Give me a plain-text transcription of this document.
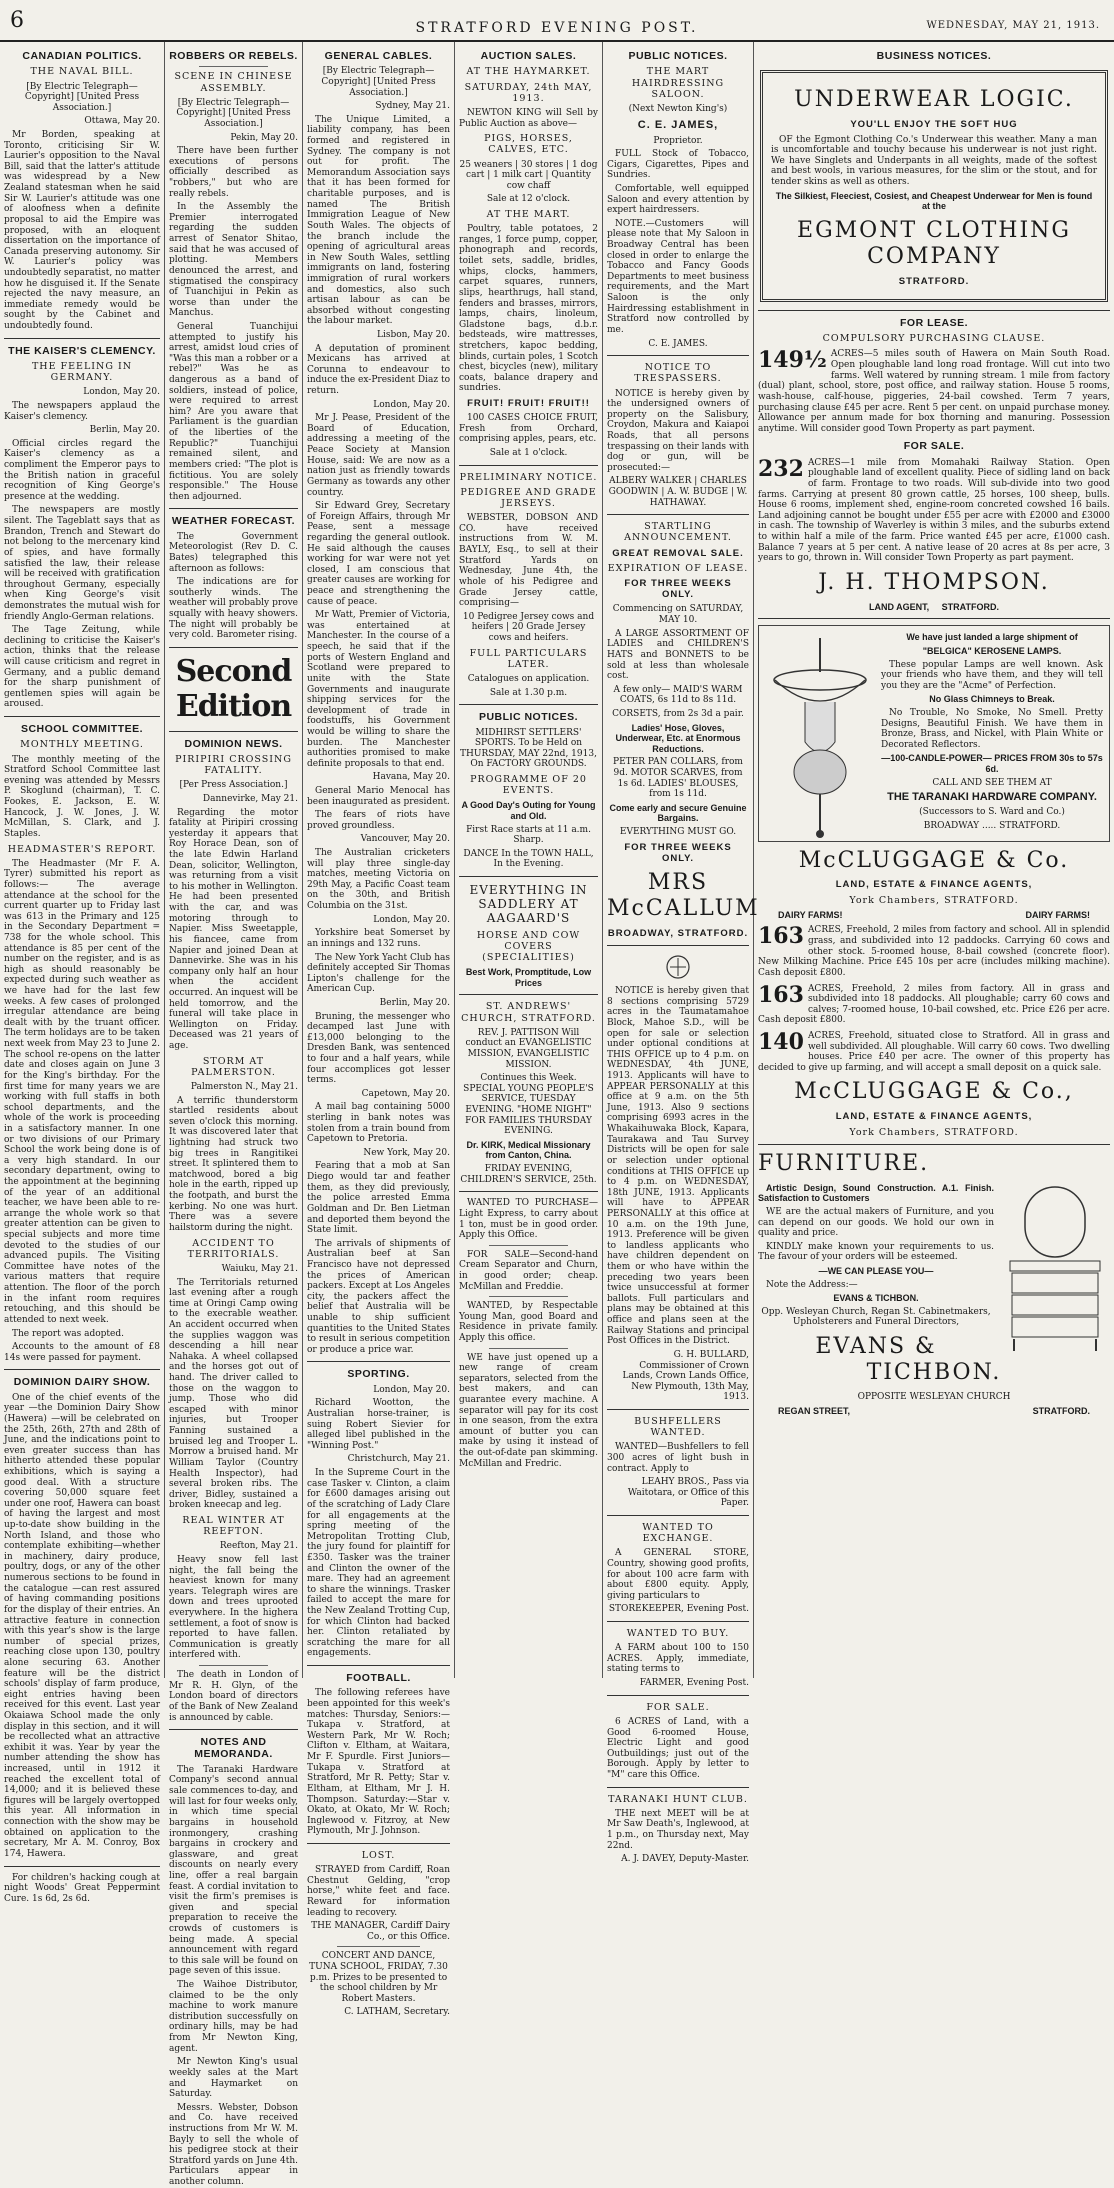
6	STRATFORD EVENING POST.	WEDNESDAY, MAY 21, 1913.
CANADIAN POLITICS.
THE NAVAL BILL.

[By Electric Telegraph—Copyright] [United Press Association.]

Ottawa, May 20.

Mr Borden, speaking at Toronto, criticising Sir W. Laurier's opposition to the Naval Bill, said that the latter's attitude was widespread by a New Zealand statesman when he said Sir W. Laurier's attitude was one of aloofness when a definite proposal to aid the Empire was proposed, with an eloquent dissertation on the importance of Canada preserving autonomy. Sir W. Laurier's policy was undoubtedly separatist, no matter how he disguised it. If the Senate rejected the navy measure, an immediate remedy would be sought by the Cabinet and undoubtedly found.

THE KAISER'S CLEMENCY.
THE FEELING IN GERMANY.

London, May 20.

The newspapers applaud the Kaiser's clemency.

Berlin, May 20.

Official circles regard the Kaiser's clemency as a compliment the Emperor pays to the British nation in graceful recognition of King George's presence at the wedding.

The newspapers are mostly silent. The Tageblatt says that as Brandon, Trench and Stewart do not belong to the mercenary kind of spies, and have formally satisfied the law, their release will be received with gratification throughout Germany, especially when King George's visit demonstrates the mutual wish for friendly Anglo-German relations.

The Tage Zeitung, while declining to criticise the Kaiser's action, thinks that the release will cause criticism and regret in Germany, and a public demand for the sharp punishment of gentlemen spies will again be aroused.

SCHOOL COMMITTEE.
MONTHLY MEETING.

The monthly meeting of the Stratford School Committee last evening was attended by Messrs P. Skoglund (chairman), T. C. Fookes, E. Jackson, E. W. Hancock, J. W. Jones, J. W. McMillan, S. Clark, and J. Staples.

HEADMASTER'S REPORT.

The Headmaster (Mr F. A. Tyrer) submitted his report as follows:— The average attendance at the school for the current quarter up to Friday last was 613 in the Primary and 125 in the Secondary Department = 738 for the whole school. This attendance is 85 per cent of the number on the register, and is as high as should reasonably be expected during such weather as we have had for the last few weeks. A few cases of prolonged irregular attendance are being dealt with by the truant officer. The term holidays are to be taken next week from May 23 to June 2. The school re-opens on the latter date and closes again on June 3 for the King's birthday. For the first time for many years we are working with full staffs in both school departments, and the whole of the work is proceeding in a satisfactory manner. In one or two divisions of our Primary School the work being done is of a very high standard. In our secondary department, owing to the appointment at the beginning of the year of an additional teacher, we have been able to re-arrange the whole work so that greater attention can be given to special subjects and more time devoted to the studies of our advanced pupils. The Visiting Committee have notes of the various matters that require attention. The floor of the porch in the infant room requires retouching, and this should be attended to next week.

The report was adopted.

Accounts to the amount of £8 14s were passed for payment.

DOMINION DAIRY SHOW.

One of the chief events of the year —the Dominion Dairy Show (Hawera) —will be celebrated on the 25th, 26th, 27th and 28th of June, and the indications point to even greater success than has hitherto attended these popular exhibitions, which is saying a good deal. With a structure covering 50,000 square feet under one roof, Hawera can boast of having the largest and most up-to-date show building in the North Island, and those who contemplate exhibiting—whether in machinery, dairy produce, poultry, dogs, or any of the other numerous sections to be found in the catalogue —can rest assured of having commanding positions for the display of their entries. An attractive feature in connection with this year's show is the large number of special prizes, reaching close upon 130, poultry alone securing 63. Another feature will be the district schools' display of farm produce, eight entries having been received for this event. Last year Okaiawa School made the only display in this section, and it will be recollected what an attractive exhibit it was. Year by year the number attending the show has increased, until in 1912 it reached the excellent total of 14,000; and it is believed these figures will be largely overtopped this year. All information in connection with the show may be obtained on application to the secretary, Mr A. M. Conroy, Box 174, Hawera.

For children's hacking cough at night Woods' Great Peppermint Cure. 1s 6d, 2s 6d.

ROBBERS OR REBELS.
SCENE IN CHINESE ASSEMBLY.

[By Electric Telegraph—Copyright] [United Press Association.]

Pekin, May 20.

There have been further executions of persons officially described as "robbers," but who are really rebels.

In the Assembly the Premier interrogated regarding the sudden arrest of Senator Shitao, said that he was accused of plotting. Members denounced the arrest, and stigmatised the conspiracy of Tuanchijui in Pekin as worse than under the Manchus.

General Tuanchijui attempted to justify his arrest, amidst loud cries of "Was this man a robber or a rebel?" Was he as dangerous as a band of soldiers, instead of police, were required to arrest him? Are you aware that Parliament is the guardian of the liberties of the Republic?" Tuanchijui remained silent, and members cried: "The plot is fictitious. You are solely responsible." The House then adjourned.

WEATHER FORECAST.

The Government Meteorologist (Rev D. C. Bates) telegraphed this afternoon as follows:

The indications are for southerly winds. The weather will probably prove squally with heavy showers. The night will probably be very cold. Barometer rising.

Second Edition
DOMINION NEWS.
PIRIPIRI CROSSING FATALITY.

[Per Press Association.]

Dannevirke, May 21.

Regarding the motor fatality at Piripiri crossing yesterday it appears that Roy Horace Dean, son of the late Edwin Harland Dean, solicitor, Wellington, was returning from a visit to his mother in Wellington. He had been presented with the car, and was motoring through to Napier. Miss Sweetapple, his fiancee, came from Napier and joined Dean at Dannevirke. She was in his company only half an hour when the accident occurred. An inquest will be held tomorrow, and the funeral will take place in Wellington on Friday. Deceased was 21 years of age.

STORM AT PALMERSTON.

Palmerston N., May 21.

A terrific thunderstorm startled residents about seven o'clock this morning. It was discovered later that lightning had struck two big trees in Rangitikei street. It splintered them to matchwood, bored a big hole in the earth, ripped up the footpath, and burst the kerbing. No one was hurt. There was a severe hailstorm during the night.

ACCIDENT TO TERRITORIALS.

Waiuku, May 21.

The Territorials returned last evening after a rough time at Oringi Camp owing to the execrable weather. An accident occurred when the supplies waggon was descending a hill near Nahaka. A wheel collapsed and the horses got out of hand. The driver called to those on the waggon to jump. Those who did escaped with minor injuries, but Trooper Fanning sustained a bruised leg and Trooper L. Morrow a bruised hand. Mr William Taylor (Country Health Inspector), had several broken ribs. The driver, Bidley, sustained a broken kneecap and leg.

REAL WINTER AT REEFTON.

Reefton, May 21.

Heavy snow fell last night, the fall being the heaviest known for many years. Telegraph wires are down and trees uprooted everywhere. In the highera settlement, a foot of snow is reported to have fallen. Communication is greatly interfered with.

The death in London of Mr R. H. Glyn, of the London board of directors of the Bank of New Zealand is announced by cable.

NOTES AND MEMORANDA.

The Taranaki Hardware Company's second annual sale commences to-day, and will last for four weeks only, in which time special bargains in household ironmongery, crashing bargains in crockery and glassware, and great discounts on nearly every line, offer a real bargain feast. A cordial invitation to visit the firm's premises is given and special preparation to receive the crowds of customers is being made. A special announcement with regard to this sale will be found on page seven of this issue.

The Waihoe Distributor, claimed to be the only machine to work manure distribution successfully on ordinary hills, may be had from Mr Newton King, agent.

Mr Newton King's usual weekly sales at the Mart and Haymarket on Saturday.

Messrs. Webster, Dobson and Co. have received instructions from Mr W. M. Bayly to sell the whole of his pedigree stock at their Stratford yards on June 4th. Particulars appear in another column.

GENERAL CABLES.

[By Electric Telegraph—Copyright] [United Press Association.]

Sydney, May 21.

The Unique Limited, a liability company, has been formed and registered in Sydney. The company is not out for profit. The Memorandum Association says that it has been formed for charitable purposes, and is named The British Immigration League of New South Wales. The objects of the branch include the opening of agricultural areas in New South Wales, settling immigrants on land, fostering immigration of rural workers and domestics, also such artisan labour as can be absorbed without congesting the labour market.

Lisbon, May 20.

A deputation of prominent Mexicans has arrived at Corunna to endeavour to induce the ex-President Diaz to return.

London, May 20.

Mr J. Pease, President of the Board of Education, addressing a meeting of the Peace Society at Mansion House, said: We are now as a nation just as friendly towards Germany as towards any other country.

Sir Edward Grey, Secretary of Foreign Affairs, through Mr Pease, sent a message regarding the general outlook. He said although the causes working for war were not yet closed, I am conscious that greater causes are working for peace and strengthening the cause of peace.

Mr Watt, Premier of Victoria, was entertained at Manchester. In the course of a speech, he said that if the ports of Western England and Scotland were prepared to unite with the State Governments and inaugurate shipping services for the development of trade in foodstuffs, his Government would be willing to share the burden. The Manchester authorities promised to make definite proposals to that end.

Havana, May 20.

General Mario Menocal has been inaugurated as president.

The fears of riots have proved groundless.

Vancouver, May 20.

The Australian cricketers will play three single-day matches, meeting Victoria on 29th May, a Pacific Coast team on the 30th, and British Columbia on the 31st.

London, May 20.

Yorkshire beat Somerset by an innings and 132 runs.

The New York Yacht Club has definitely accepted Sir Thomas Lipton's challenge for the American Cup.

Berlin, May 20.

Bruning, the messenger who decamped last June with £13,000 belonging to the Dresden Bank, was sentenced to four and a half years, while four accomplices got lesser terms.

Capetown, May 20.

A mail bag containing 5000 sterling in bank notes was stolen from a train bound from Capetown to Pretoria.

New York, May 20.

Fearing that a mob at San Diego would tar and feather them, as they did previously, the police arrested Emma Goldman and Dr. Ben Lietman and deported them beyond the State limit.

The arrivals of shipments of Australian beef at San Francisco have not depressed the prices of American packers. Except at Los Angeles city, the packers affect the belief that Australia will be unable to ship sufficient quantities to the United States to result in serious competition or produce a price war.

SPORTING.

London, May 20.

Richard Wootton, the Australian horse-trainer, is suing Robert Sievier for alleged libel published in the "Winning Post."

Christchurch, May 21.

In the Supreme Court in the case Tasker v. Clinton, a claim for £600 damages arising out of the scratching of Lady Clare for all engagements at the spring meeting of the Metropolitan Trotting Club, the jury found for plaintiff for £350. Tasker was the trainer and Clinton the owner of the mare. They had an agreement to share the winnings. Trasker failed to accept the mare for the New Zealand Trotting Cup, for which Clinton had backed her. Clinton retaliated by scratching the mare for all engagements.

FOOTBALL.

The following referees have been appointed for this week's matches: Thursday, Seniors:—Tukapa v. Stratford, at Western Park, Mr W. Roch; Clifton v. Eltham, at Waitara, Mr F. Spurdle. First Juniors—Tukapa v. Stratford at Stratford, Mr R. Petty; Star v. Eltham, at Eltham, Mr J. H. Thompson. Saturday:—Star v. Okato, at Okato, Mr W. Roch; Inglewood v. Fitzroy, at New Plymouth, Mr J. Johnson.

LOST.

STRAYED from Cardiff, Roan Chestnut Gelding, "crop horse," white feet and face. Reward for information leading to recovery.

THE MANAGER, Cardiff Dairy Co., or this Office.

CONCERT AND DANCE, TUNA SCHOOL, FRIDAY, 7.30 p.m. Prizes to be presented to the school children by Mr Robert Masters.

C. LATHAM, Secretary.

AUCTION SALES.
AT THE HAYMARKET.
SATURDAY, 24th MAY, 1913.

NEWTON KING will Sell by Public Auction as above—

PIGS, HORSES, CALVES, ETC.

25 weaners | 30 stores | 1 dog cart | 1 milk cart | Quantity cow chaff

Sale at 12 o'clock.

AT THE MART.

Poultry, table potatoes, 2 ranges, 1 force pump, copper, phonograph and records, toilet sets, saddle, bridles, whips, clocks, hammers, carpet squares, runners, slips, hearthrugs, hall stand, fenders and brasses, mirrors, lamps, chairs, linoleum, Gladstone bags, d.b.r. bedsteads, wire mattresses, stretchers, kapoc bedding, blinds, curtain poles, 1 Scotch chest, bicycles (new), military coats, balance drapery and sundries.

FRUIT! FRUIT! FRUIT!!

100 CASES CHOICE FRUIT, Fresh from Orchard, comprising apples, pears, etc.

Sale at 1 o'clock.

PRELIMINARY NOTICE.
PEDIGREE AND GRADE JERSEYS.

WEBSTER, DOBSON AND CO. have received instructions from W. M. BAYLY, Esq., to sell at their Stratford Yards on Wednesday, June 4th, the whole of his Pedigree and Grade Jersey cattle, comprising—

10 Pedigree Jersey cows and heifers | 20 Grade Jersey cows and heifers.

FULL PARTICULARS LATER.

Catalogues on application.

Sale at 1.30 p.m.

PUBLIC NOTICES.

MIDHIRST SETTLERS' SPORTS. To be Held on THURSDAY, MAY 22nd, 1913, On FACTORY GROUNDS.

PROGRAMME OF 20 EVENTS.

A Good Day's Outing for Young and Old.

First Race starts at 11 a.m. Sharp.

DANCE In the TOWN HALL, In the Evening.

EVERYTHING IN SADDLERY AT AAGAARD'S
HORSE AND COW COVERS (SPECIALITIES)

Best Work, Promptitude, Low Prices

ST. ANDREWS' CHURCH, STRATFORD.

REV. J. PATTISON Will conduct an EVANGELISTIC MISSION, EVANGELISTIC MISSION.

Continues this Week. SPECIAL YOUNG PEOPLE'S SERVICE, TUESDAY EVENING. "HOME NIGHT" FOR FAMILIES THURSDAY EVENING.

Dr. KIRK, Medical Missionary from Canton, China.

FRIDAY EVENING, CHILDREN'S SERVICE, 25th.

WANTED TO PURCHASE—Light Express, to carry about 1 ton, must be in good order. Apply this Office.

FOR SALE—Second-hand Cream Separator and Churn, in good order; cheap. McMillan and Freddie.

WANTED, by Respectable Young Man, good Board and Residence in private family. Apply this office.

WE have just opened up a new range of cream separators, selected from the best makers, and can guarantee every machine. A separator will pay for its cost in one season, from the extra amount of butter you can make by using it instead of the out-of-date pan skimming. McMillan and Fredric.

PUBLIC NOTICES.
THE MART HAIRDRESSING SALOON.

(Next Newton King's)

C. E. JAMES,

Proprietor.

FULL Stock of Tobacco, Cigars, Cigarettes, Pipes and Sundries.

Comfortable, well equipped Saloon and every attention by expert hairdressers.

NOTE.—Customers will please note that My Saloon in Broadway Central has been closed in order to enlarge the Tobacco and Fancy Goods Departments to meet business requirements, and the Mart Saloon is the only Hairdressing establishment in Stratford now controlled by me.

C. E. JAMES.

NOTICE TO TRESPASSERS.

NOTICE is hereby given by the undersigned owners of property on the Salisbury, Croydon, Makura and Kaiapoi Roads, that all persons trespassing on their lands with dog or gun, will be prosecuted:—

ALBERY WALKER | CHARLES GOODWIN | A. W. BUDGE | W. HATHAWAY.

STARTLING ANNOUNCEMENT.
GREAT REMOVAL SALE.
EXPIRATION OF LEASE.
FOR THREE WEEKS ONLY.

Commencing on SATURDAY, MAY 10.

A LARGE ASSORTMENT OF LADIES and CHILDREN'S HATS and BONNETS to be sold at less than wholesale cost.

A few only— MAID'S WARM COATS, 6s 11d to 8s 11d.

CORSETS, from 2s 3d a pair.

Ladies' Hose, Gloves, Underwear, Etc. at Enormous Reductions.

PETER PAN COLLARS, from 9d. MOTOR SCARVES, from 1s 6d. LADIES' BLOUSES, from 1s 11d.

Come early and secure Genuine Bargains.

EVERYTHING MUST GO.

FOR THREE WEEKS ONLY.
MRS McCALLUM
BROADWAY, STRATFORD.

NOTICE is hereby given that 8 sections comprising 5729 acres in the Taumatamahoe Block, Mahoe S.D., will be open for sale or selection under optional conditions at THIS OFFICE up to 4 p.m. on WEDNESDAY, 4th JUNE, 1913. Applicants will have to APPEAR PERSONALLY at this office at 9 a.m. on the 5th June, 1913. Also 9 sections comprising 6993 acres in the Whakaihuwaka Block, Kapara, Taurakawa and Tau Survey Districts will be open for sale or selection under optional conditions at THIS OFFICE up to 4 p.m. on WEDNESDAY, 18th JUNE, 1913. Applicants will have to APPEAR PERSONALLY at this office at 10 a.m. on the 19th June, 1913. Preference will be given to landless applicants who have children dependent on them or who have within the preceding two years been twice unsuccessful at former ballots. Full particulars and plans may be obtained at this office and plans seen at the Railway Stations and principal Post Offices in the District.

G. H. BULLARD, Commissioner of Crown Lands, Crown Lands Office, New Plymouth, 13th May, 1913.

BUSHFELLERS WANTED.

WANTED—Bushfellers to fell 300 acres of light bush in contract. Apply to

LEAHY BROS., Pass via Waitotara, or Office of this Paper.

WANTED TO EXCHANGE.

A GENERAL STORE, Country, showing good profits, for about 100 acre farm with about £800 equity. Apply, giving particulars to

STOREKEEPER, Evening Post.

WANTED TO BUY.

A FARM about 100 to 150 ACRES. Apply, immediate, stating terms to

FARMER, Evening Post.

FOR SALE.

6 ACRES of Land, with a Good 6-roomed House, Electric Light and good Outbuildings; just out of the Borough. Apply by letter to "M" care this Office.

TARANAKI HUNT CLUB.

THE next MEET will be at Mr Saw Death's, Inglewood, at 1 p.m., on Thursday next, May 22nd.

A. J. DAVEY, Deputy-Master.

BUSINESS NOTICES.
UNDERWEAR LOGIC.
YOU'LL ENJOY THE SOFT HUG

OF the Egmont Clothing Co.'s Underwear this weather. Many a man is uncomfortable and touchy because his underwear is not just right. We have Singlets and Underpants in all weights, made of the softest and best wools, in various measures, for the slim or the stout, and for tender skins as well as others.

The Silkiest, Fleeciest, Cosiest, and Cheapest Underwear for Men is found at the

EGMONT CLOTHING COMPANY
STRATFORD.
FOR LEASE.
COMPULSORY PURCHASING CLAUSE.

149½ ACRES—5 miles south of Hawera on Main South Road. Open ploughable land long road frontage. Will cut into two farms. Well watered by running stream. 1 mile from factory (dual) plant, school, store, post office, and railway station. House 5 rooms, wash-house, calf-house, piggeries, 24-bail cowshed. Term 7 years, purchasing clause £45 per acre. Rent 5 per cent. on unpaid purchase money. Allowance per annum made for box thorning and manuring. Possession anytime. Will consider good Town Property as part payment.

FOR SALE.

232 ACRES—1 mile from Momahaki Railway Station. Open ploughable land of excellent quality. Piece of sidling land on back of farm. Frontage to two roads. Will sub-divide into two good farms. Carrying at present 80 grown cattle, 25 horses, 100 sheep, bulls. House 6 rooms, implement shed, engine-room concreted cowshed 16 bails. Land adjoining cannot be bought under £55 per acre with £2000 and £3000 in cash. The township of Waverley is within 3 miles, and the suburbs extend to within half a mile of the farm. Price wanted £45 per acre, £1000 cash. Balance 7 years at 5 per cent. A native lease of 20 acres at 8s per acre, 3 years to go, thrown in. Will consider Town Property as part payment.

J. H. THOMPSON.

LAND AGENT, STRATFORD.

We have just landed a large shipment of

"BELGICA" KEROSENE LAMPS.

These popular Lamps are well known. Ask your friends who have them, and they will tell you they are the "Acme" of Perfection.

No Glass Chimneys to Break.

No Trouble, No Smoke, No Smell. Pretty Designs, Beautiful Finish. We have them in Bronze, Brass, and Nickel, with Plain White or Decorated Reflectors.

—100-CANDLE-POWER— PRICES FROM 30s to 57s 6d.

CALL AND SEE THEM AT

THE TARANAKI HARDWARE COMPANY.

(Successors to S. Ward and Co.)

BROADWAY ..... STRATFORD.

McCLUGGAGE & Co.
LAND, ESTATE & FINANCE AGENTS,
York Chambers, STRATFORD.

DAIRY FARMS!	DAIRY FARMS!

163 ACRES, Freehold, 2 miles from factory and school. All in splendid grass, and subdivided into 12 paddocks. Carrying 60 cows and other stock. 5-roomed house, 8-bail cowshed (concrete floor). New Milking Machine. Price £45 10s per acre (includes milking machine). Cash deposit £800.

163 ACRES, Freehold, 2 miles from factory. All in grass and subdivided into 18 paddocks. All ploughable; carry 60 cows and calves; 7-roomed house, 10-bail cowshed, etc. Price £26 per acre. Cash deposit £800.

140 ACRES, Freehold, situated close to Stratford. All in grass and well subdivided. All ploughable. Will carry 60 cows. Two dwelling houses. Price £40 per acre. The owner of this property has decided to give up farming, and will accept a small deposit on a quick sale.

McCLUGGAGE & Co.,
LAND, ESTATE & FINANCE AGENTS,
York Chambers, STRATFORD.
FURNITURE.

Artistic Design, Sound Construction. A.1. Finish. Satisfaction to Customers

WE are the actual makers of Furniture, and you can depend on our goods. We hold our own in quality and price.

KINDLY make known your requirements to us. The favour of your orders will be esteemed.

—WE CAN PLEASE YOU—

Note the Address:—

EVANS & TICHBON.

Opp. Wesleyan Church, Regan St. Cabinetmakers, Upholsterers and Funeral Directors,

EVANS & TICHBON.

OPPOSITE WESLEYAN CHURCH

REGAN STREET,	STRATFORD.
